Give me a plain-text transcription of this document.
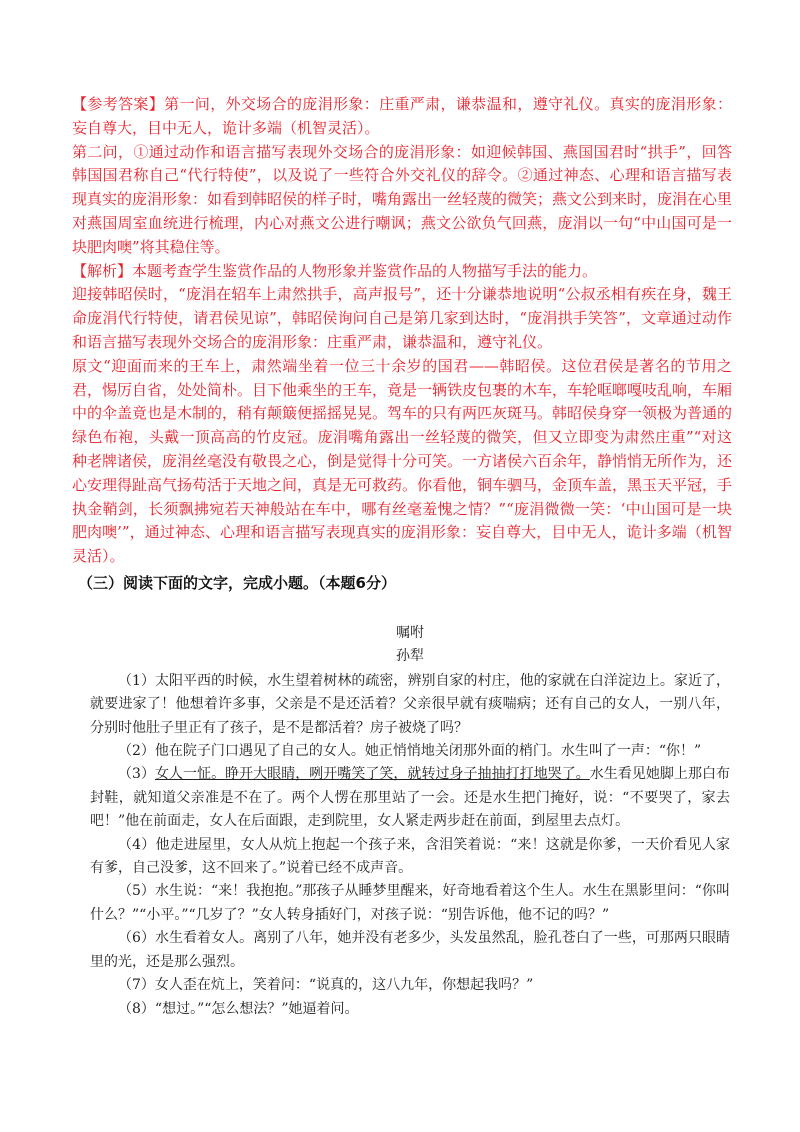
【参考答案】第一问，外交场合的庞涓形象：庄重严肃，谦恭温和，遵守礼仪。真实的庞涓形象：妄自尊大，目中无人，诡计多端（机智灵活）。

第二问，①通过动作和语言描写表现外交场合的庞涓形象：如迎候韩国、燕国国君时“拱手”，回答韩国国君称自己“代行特使”，以及说了一些符合外交礼仪的辞令。②通过神态、心理和语言描写表现真实的庞涓形象：如看到韩昭侯的样子时，嘴角露出一丝轻蔑的微笑；燕文公到来时，庞涓在心里对燕国周室血统进行梳理，内心对燕文公进行嘲讽；燕文公欲负气回燕，庞涓以一句“中山国可是一块肥肉噢”将其稳住等。

【解析】本题考查学生鉴赏作品的人物形象并鉴赏作品的人物描写手法的能力。

迎接韩昭侯时，“庞涓在轺车上肃然拱手，高声报号”，还十分谦恭地说明“公叔丞相有疾在身，魏王命庞涓代行特使，请君侯见谅”，韩昭侯询问自己是第几家到达时，“庞涓拱手笑答”，文章通过动作和语言描写表现外交场合的庞涓形象：庄重严肃，谦恭温和，遵守礼仪。

原文“迎面而来的王车上，肃然端坐着一位三十余岁的国君——韩昭侯。这位君侯是著名的节用之君，惕厉自省，处处简朴。目下他乘坐的王车，竟是一辆铁皮包裹的木车，车轮哐啷嘎吱乱响，车厢中的伞盖竟也是木制的，稍有颠簸便摇摇晃晃。驾车的只有两匹灰斑马。韩昭侯身穿一领极为普通的绿色布袍，头戴一顶高高的竹皮冠。庞涓嘴角露出一丝轻蔑的微笑，但又立即变为肃然庄重”“对这种老牌诸侯，庞涓丝毫没有敬畏之心，倒是觉得十分可笑。一方诸侯六百余年，静悄悄无所作为，还心安理得趾高气扬苟活于天地之间，真是无可救药。你看他，铜车驷马，金顶车盖，黑玉天平冠，手执金鞘剑，长须飘拂宛若天神般站在车中，哪有丝毫羞愧之情？”“庞涓微微一笑：‘中山国可是一块肥肉噢’”，通过神态、心理和语言描写表现真实的庞涓形象：妄自尊大，目中无人，诡计多端（机智灵活）。

（三）阅读下面的文字，完成小题。（本题6分）

嘱咐

孙犁

（1）太阳平西的时候，水生望着树林的疏密，辨别自家的村庄，他的家就在白洋淀边上。家近了，就要进家了！他想着许多事，父亲是不是还活着？父亲很早就有痰喘病；还有自己的女人，一别八年，分别时他肚子里正有了孩子，是不是都活着？房子被烧了吗？

（2）他在院子门口遇见了自己的女人。她正悄悄地关闭那外面的梢门。水生叫了一声：“你！”

（3）女人一怔。睁开大眼睛，咧开嘴笑了笑，就转过身子抽抽打打地哭了。水生看见她脚上那白布封鞋，就知道父亲准是不在了。两个人愣在那里站了一会。还是水生把门掩好，说：“不要哭了，家去吧！”他在前面走，女人在后面跟，走到院里，女人紧走两步赶在前面，到屋里去点灯。

（4）他走进屋里，女人从炕上抱起一个孩子来，含泪笑着说：“来！这就是你爹，一天价看见人家有爹，自己没爹，这不回来了。”说着已经不成声音。

（5）水生说：“来！我抱抱。”那孩子从睡梦里醒来，好奇地看着这个生人。水生在黑影里问：“你叫什么？”“小平。”“几岁了？”女人转身插好门，对孩子说：“别告诉他，他不记的吗？”

（6）水生看着女人。离别了八年，她并没有老多少，头发虽然乱，脸孔苍白了一些，可那两只眼睛里的光，还是那么强烈。

（7）女人歪在炕上，笑着问：“说真的，这八九年，你想起我吗？”

（8）“想过。”“怎么想法？”她逼着问。
